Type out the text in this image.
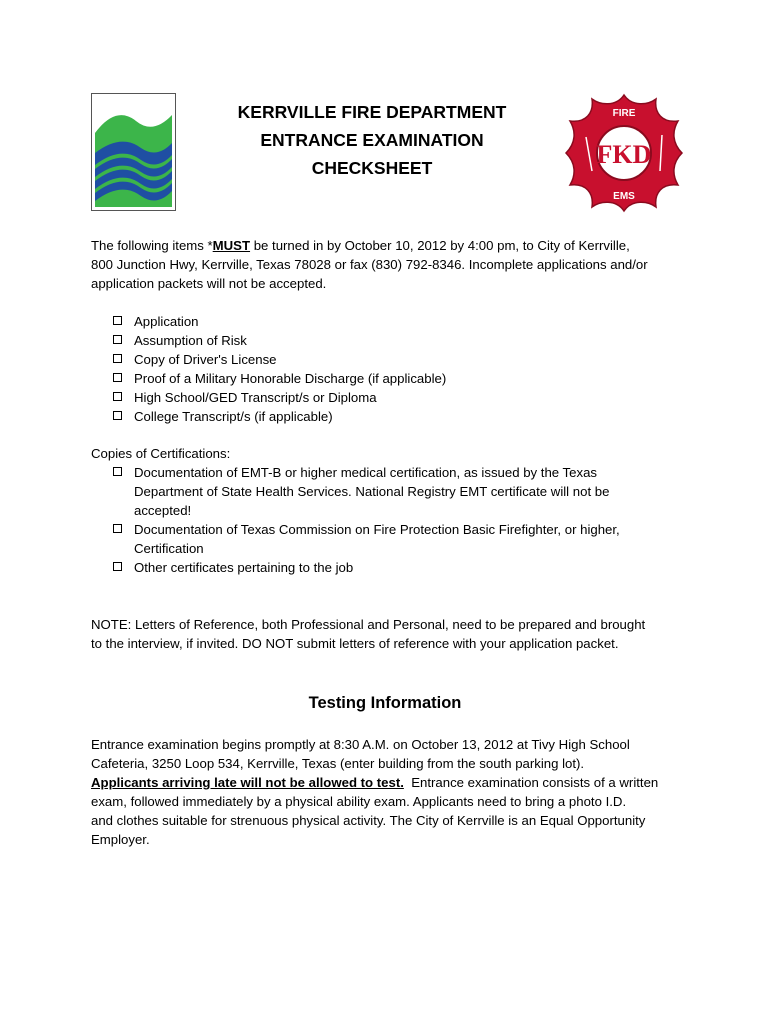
KERRVILLE FIRE DEPARTMENT
ENTRANCE EXAMINATION
CHECKSHEET
FIRE
EMS
FKD
The following items *MUST be turned in by October 10, 2012 by 4:00 pm, to City of Kerrville,
800 Junction Hwy, Kerrville, Texas 78028 or fax (830) 792-8346. Incomplete applications and/or
application packets will not be accepted.
Application
Assumption of Risk
Copy of Driver's License
Proof of a Military Honorable Discharge (if applicable)
High School/GED Transcript/s or Diploma
College Transcript/s (if applicable)
Copies of Certifications:
Documentation of EMT-B or higher medical certification, as issued by the Texas
Department of State Health Services. National Registry EMT certificate will not be
accepted!
Documentation of Texas Commission on Fire Protection Basic Firefighter, or higher,
Certification
Other certificates pertaining to the job
NOTE: Letters of Reference, both Professional and Personal, need to be prepared and brought
to the interview, if invited. DO NOT submit letters of reference with your application packet.
Testing Information
Entrance examination begins promptly at 8:30 A.M. on October 13, 2012 at Tivy High School
Cafeteria, 3250 Loop 534, Kerrville, Texas (enter building from the south parking lot).
Applicants arriving late will not be allowed to test.  Entrance examination consists of a written
exam, followed immediately by a physical ability exam. Applicants need to bring a photo I.D.
and clothes suitable for strenuous physical activity. The City of Kerrville is an Equal Opportunity
Employer.
